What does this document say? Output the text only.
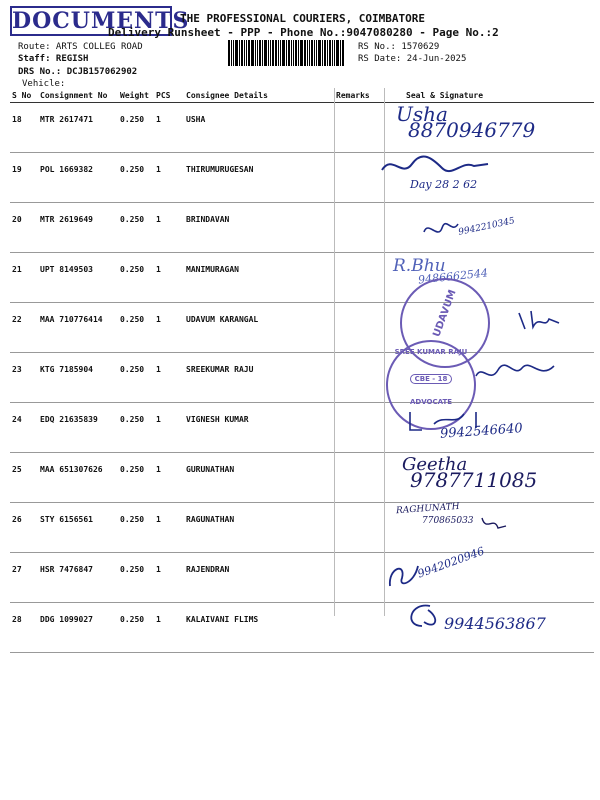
DOCUMENTS
THE PROFESSIONAL COURIERS, COIMBATORE
Delivery Runsheet - PPP - Phone No.:9047080280 - Page No.:2
Route: ARTS COLLEG ROAD
Staff: REGISH
DRS No.: DCJB157062902
Vehicle:
RS No.: 1570629
RS Date: 24-Jun-2025
S No	Consignment No	Weight	PCS	Consignee Details	Remarks	Seal & Signature
18	MTR 2617471	0.250	1	USHA		
19	POL 1669382	0.250	1	THIRUMURUGESAN		
20	MTR 2619649	0.250	1	BRINDAVAN		
21	UPT 8149503	0.250	1	MANIMURAGAN		
22	MAA 710776414	0.250	1	UDAVUM KARANGAL		
23	KTG 7185904	0.250	1	SREEKUMAR RAJU		
24	EDQ 21635839	0.250	1	VIGNESH KUMAR		
25	MAA 651307626	0.250	1	GURUNATHAN		
26	STY 6156561	0.250	1	RAGUNATHAN		
27	HSR 7476847	0.250	1	RAJENDRAN		
28	DDG 1099027	0.250	1	KALAIVANI FLIMS		
Usha
8870946779
Day 28 2 62
9942210345
R.Bhu
9486662544
UDAVUM
SREE KUMAR RAJU
CBE - 18
ADVOCATE
9942546640
Geetha
9787711085
RAGHUNATH
770865033
9942020946
9944563867
